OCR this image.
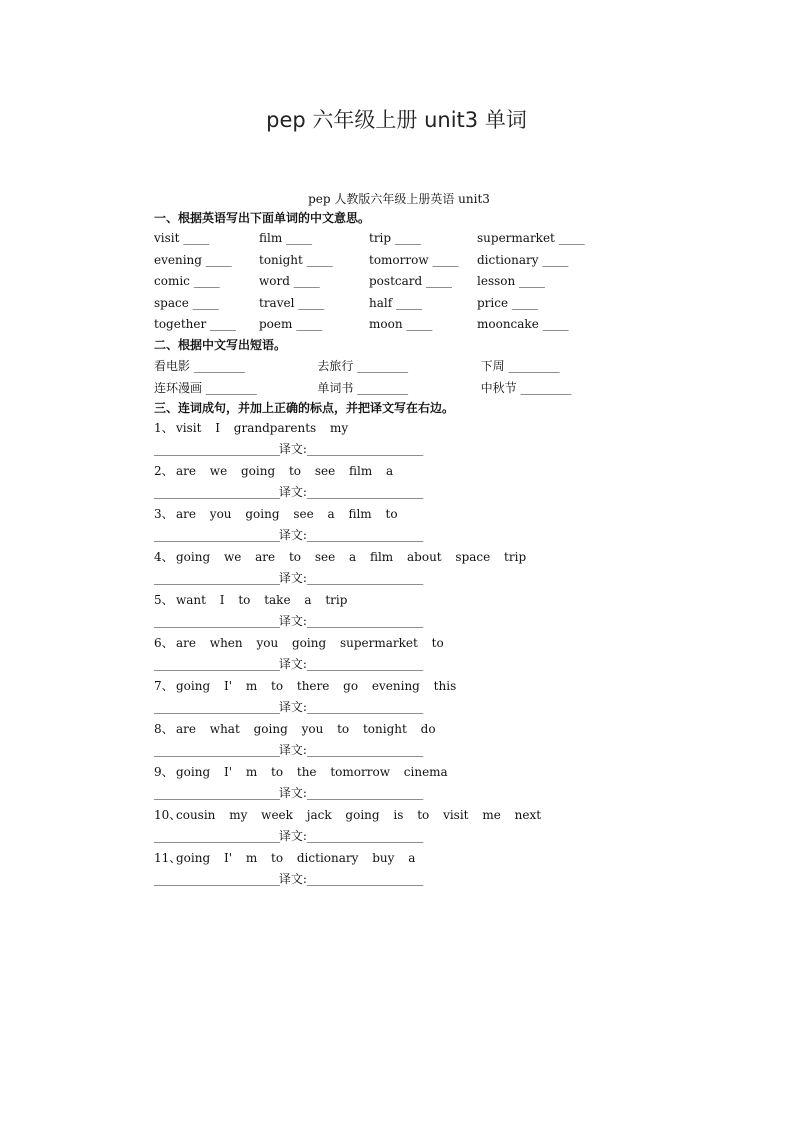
pep 六年级上册 unit3 单词
pep 人教版六年级上册英语 unit3
一、根据英语写出下面单词的中文意思。
visit _____	film _____	trip _____	supermarket _____
evening _____	tonight _____	tomorrow _____	dictionary _____
comic _____	word _____	postcard _____	lesson _____
space _____	travel _____	half _____	price _____
together _____	poem _____	moon _____	mooncake _____
二、根据中文写出短语。
看电影 __________	去旅行 __________	下周 __________
连环漫画 __________	单词书 __________	中秋节 __________
三、连词成句，并加上正确的标点，并把译文写在右边。
1、 visit I grandparents my
__________________________译文:________________________
2、 are we going to see film a
__________________________译文:________________________
3、 are you going see a film to
__________________________译文:________________________
4、 going we are to see a film about space trip
__________________________译文:________________________
5、 want I to take a trip
__________________________译文:________________________
6、 are when you going supermarket to
__________________________译文:________________________
7、 going I' m to there go evening this
__________________________译文:________________________
8、 are what going you to tonight do
__________________________译文:________________________
9、 going I' m to the tomorrow cinema
__________________________译文:________________________
10、cousin my week jack going is to visit me next
__________________________译文:________________________
11、going I' m to dictionary buy a
__________________________译文:________________________
